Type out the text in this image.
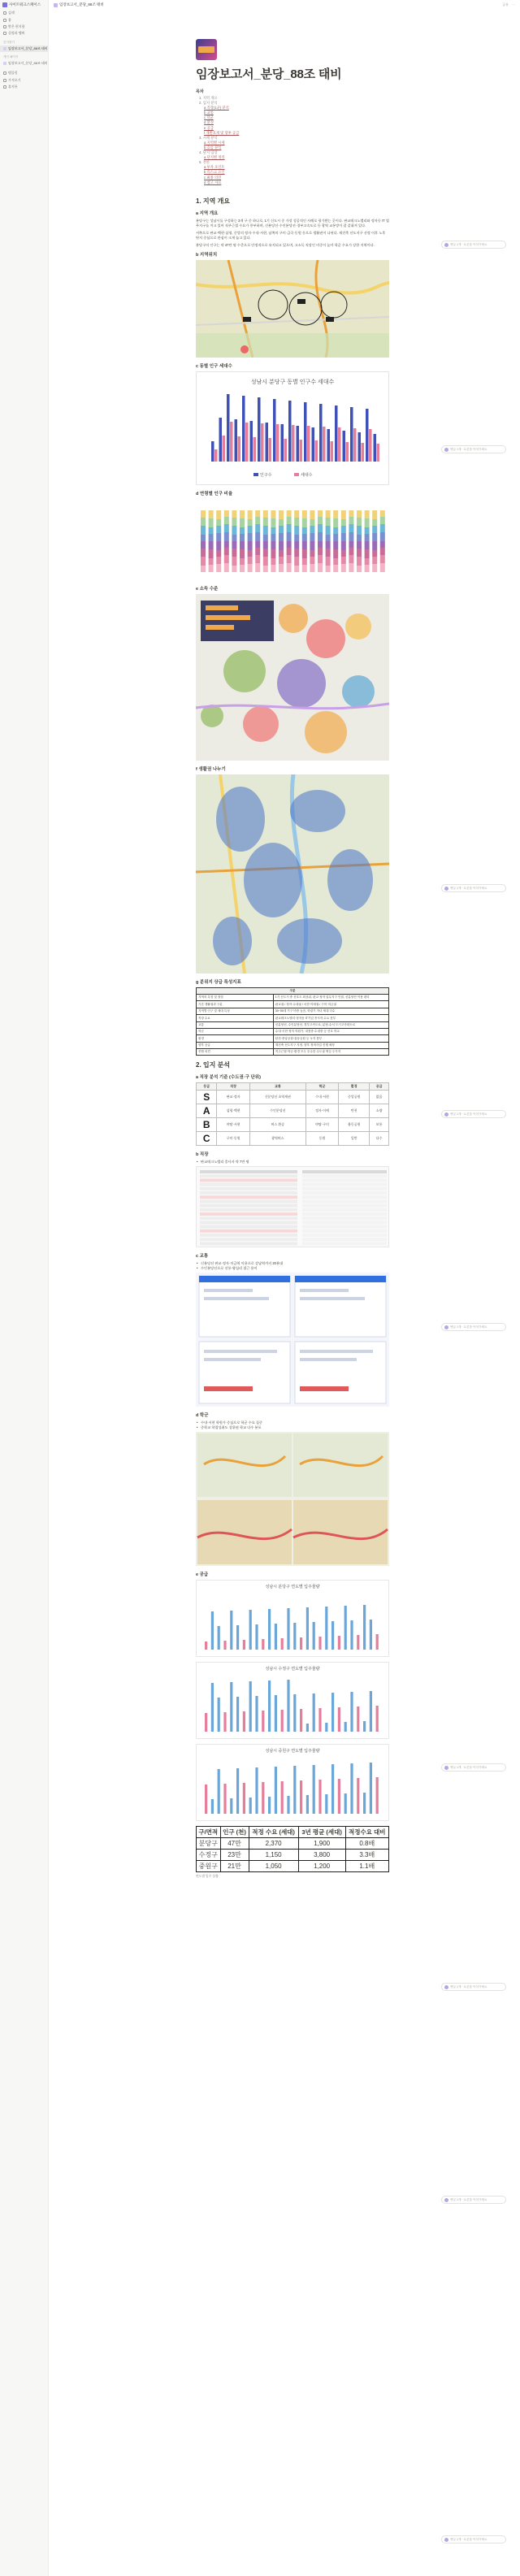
사이트워크스페이스
검색
홈
받은 편지함
설정과 멤버
즐겨찾기
임장보고서_분당_88조 태비
개인 페이지
임장보고서_분당_88조 태비
템플릿
가져오기
휴지통
임장보고서_분당_88조 태비	공유 ···
임장보고서_분당_88조 태비
목차
1. 지역 개요
2. 입지 분석
a 직장(1군) 분석
b 교통
c 학군
d 환경
e 공급
f 개발호재 및 향후 공급
3. 시세 분석
a 지역별 시세
b 흐름 분석
4. 단지 임장
a 단지별 정리
5. 결론
a 투자 포인트
b 리스크 요인
c 최종 의견
d 참고 자료
1. 지역 개요
a 지역 개요

분당구는 성남시를 구성하는 3개 구 중 하나로, 1기 신도시 중 가장 성공적인 사례로 평가받는 곳이다. 판교테크노밸리와 정자동 IT 업무지구를 끼고 있어 직주근접 수요가 풍부하며, 신분당선·수인분당선·경부고속도로 등 광역 교통망이 잘 갖춰져 있다.

서쪽으로 판교·백현·삼평, 중앙의 정자·수내·서현, 남쪽의 구미·금곡·동원 등으로 생활권이 나뉜다. 재건축 선도지구 선정 이후 노후 단지 중심으로 관심이 크게 늘고 있다.

분당구의 인구는 약 47만 명 수준으로 안정적으로 유지되고 있으며, 고소득 직장인 비중이 높아 학군 수요가 강한 지역이다.

b 지역위치
c 동별 인구 세대수
성남시 분당구 동별 인구수 세대수
인구수	세대수
d 연령별 인구 비율
e 소득 수준
f 생활권 나누기
g 분위지 상급 특성지표
구분	
지역의 특징 및 장점	1기 신도시 중 선호도 최상위, 판교·정자 업무지구 인접, 신분당선 이용 편리
기본 생활권과 구분	판교권 / 정자·수내권 / 서현·이매권 / 구미·미금권
지역별 인구 및 세대 특성	30~50대 가구 비중 높음, 학령기 자녀 세대 다수
직장 수요	판교테크노밸리·정자동 IT기업 종사자 수요 풍부
교통	신분당선, 수인분당선, 경부고속도로, 분당-수서 도시고속화도로
학군	수내·서현·정자 학원가, 내정중·수내중 등 선호 학교
환경	탄천·중앙공원·율동공원 등 녹지 풍부
향후 공급	재건축 선도지구 지정, 향후 정비사업 진행 예정
종합 의견	직주근접·학군·환경 모두 우수한 수도권 핵심 주거지
2. 입지 분석
a 직장 분석 기준 (수도권·구 단위)
등급	직장	교통	학군	환경	공급
S	판교·정자	신분당선 초역세권	수내·서현	중앙공원	없음
A	삼평·백현	수인분당선	정자·이매	탄천	소량
B	야탑·서현	버스 환승	야탑·구미	율동공원	보통
C	구미·동원	광역버스	동원	일반	다수
b 직장
• 판교테크노밸리 종사자 약 7만 명
c 교통
• 신분당선 판교·정자·미금역 이용으로 강남역까지 20분대
• 수인분당선으로 선릉·왕십리 접근 용이
d 학군
• 수내·서현 학원가 중심으로 학군 수요 집중
• 중학교 학업성취도 상위권 학교 다수 분포
e 공급
성남시 분당구 연도별 입주물량
성남시 수정구 연도별 입주물량
성남시 중원구 연도별 입주물량
구/면적	인구 (천)	적정 수요 (세대)	3년 평균 (세대)	적정수요 대비
분당구	47만	2,370	1,900	0.8배
수정구	23만	1,150	3,800	3.3배
중원구	21만	1,050	1,200	1.1배
연도별 입주 물량
댓글 1개 · 토론을 이어가세요
댓글 1개 · 토론을 이어가세요
댓글 1개 · 토론을 이어가세요
댓글 1개 · 토론을 이어가세요
댓글 1개 · 토론을 이어가세요
댓글 1개 · 토론을 이어가세요
댓글 1개 · 토론을 이어가세요
댓글 1개 · 토론을 이어가세요
댓글 1개 · 토론을 이어가세요
